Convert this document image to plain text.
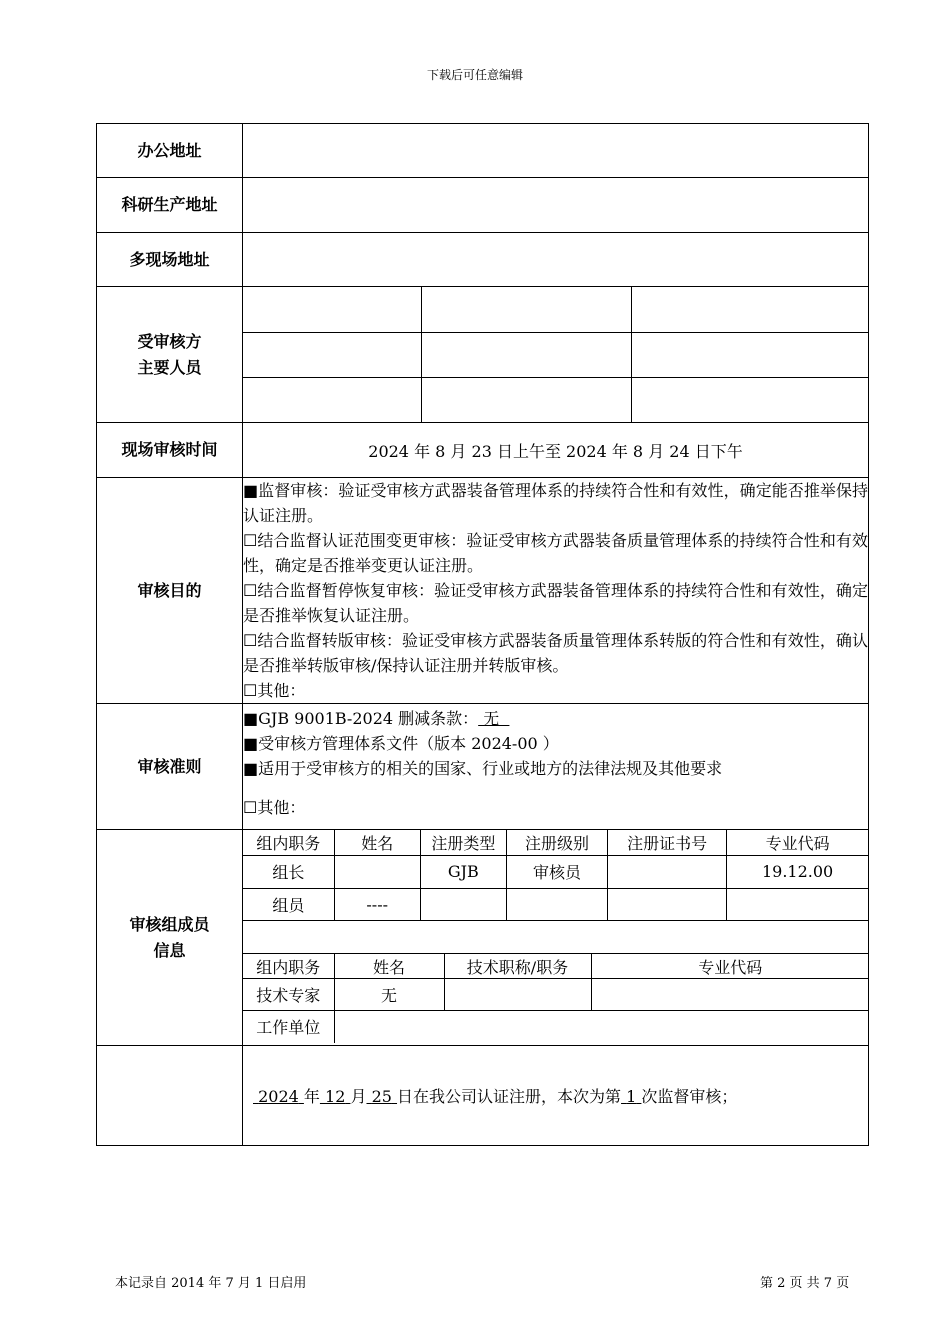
下载后可任意编辑
办公地址	
科研生产地址	
多现场地址	

受审核方
主要人员

现场审核时间	2024 年 8 月 23 日上午至 2024 年 8 月 24 日下午
审核目的	
■监督审核：验证受审核方武器装备管理体系的持续符合性和有效性，确定能否推举保持认证注册。
☐结合监督认证范围变更审核：验证受审核方武器装备质量管理体系的持续符合性和有效性，确定是否推举变更认证注册。
☐结合监督暂停恢复审核：验证受审核方武器装备管理体系的持续符合性和有效性，确定是否推举恢复认证注册。
☐结合监督转版审核：验证受审核方武器装备质量管理体系转版的符合性和有效性，确认是否推举转版审核/保持认证注册并转版审核。
☐其他：

审核准则	
■GJB 9001B-2024 删减条款： 无
■受审核方管理体系文件（版本 2024-00 ）
■适用于受审核方的相关的国家、行业或地方的法律法规及其他要求
☐其他：

审核组成员
信息

组内职务	姓名	注册类型	注册级别	注册证书号	专业代码
组长		GJB	审核员		19.12.00
组员	----				

组内职务	姓名	技术职称/职务	专业代码
技术专家	无		
工作单位	

	2024 年 12 月 25 日在我公司认证注册，本次为第 1 次监督审核；
本记录自 2014 年 7 月 1 日启用	第 2 页 共 7 页
